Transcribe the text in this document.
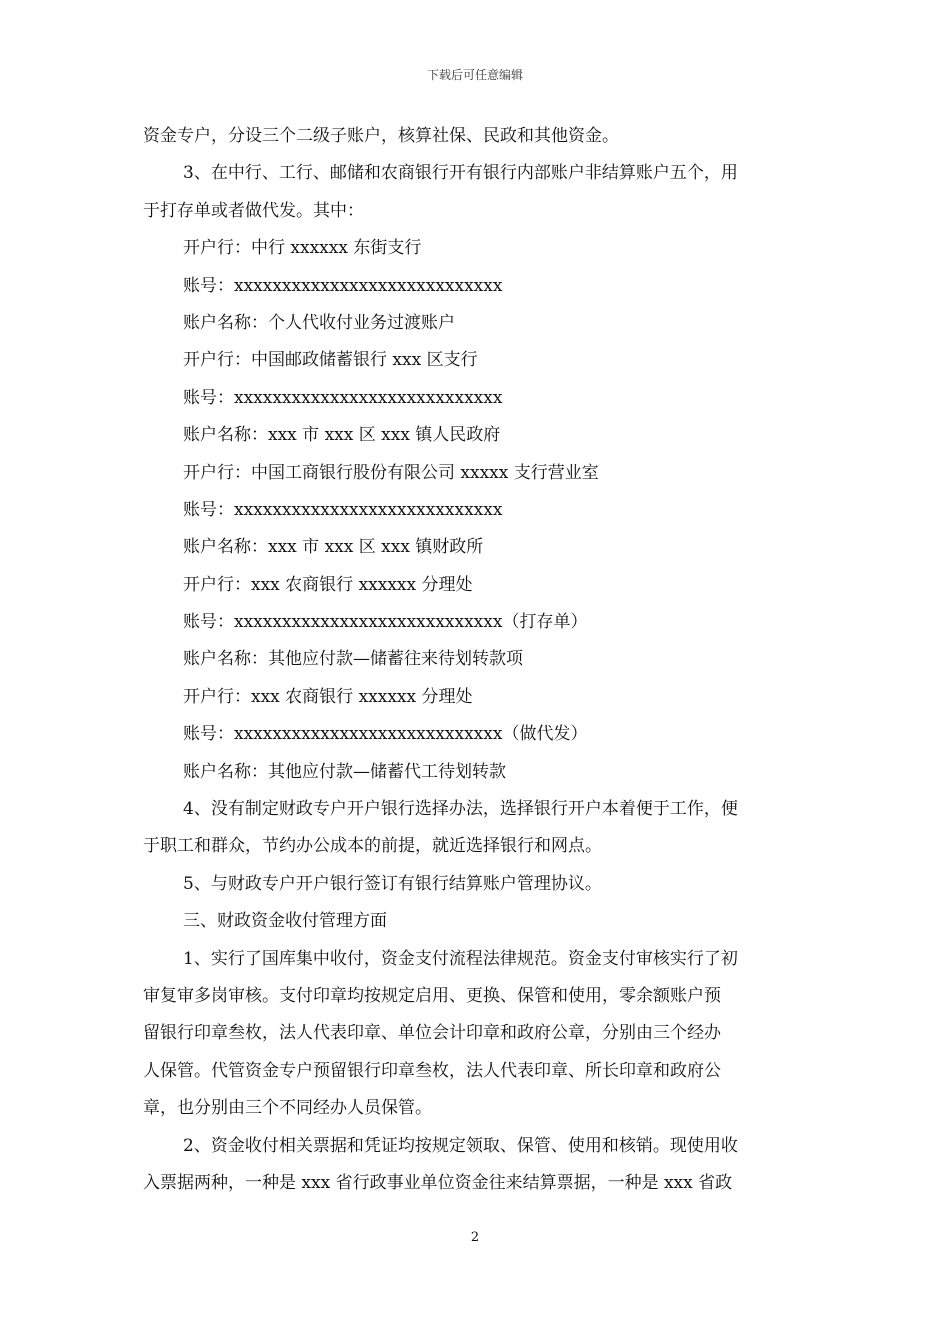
下载后可任意编辑
资金专户，分设三个二级子账户，核算社保、民政和其他资金。
3、在中行、工行、邮储和农商银行开有银行内部账户非结算账户五个，用
于打存单或者做代发。其中：
开户行：中行 xxxxxx 东街支行
账号：xxxxxxxxxxxxxxxxxxxxxxxxxxxx
账户名称：个人代收付业务过渡账户
开户行：中国邮政储蓄银行 xxx 区支行
账号：xxxxxxxxxxxxxxxxxxxxxxxxxxxx
账户名称：xxx 市 xxx 区 xxx 镇人民政府
开户行：中国工商银行股份有限公司 xxxxx 支行营业室
账号：xxxxxxxxxxxxxxxxxxxxxxxxxxxx
账户名称：xxx 市 xxx 区 xxx 镇财政所
开户行：xxx 农商银行 xxxxxx 分理处
账号：xxxxxxxxxxxxxxxxxxxxxxxxxxxx（打存单）
账户名称：其他应付款—储蓄往来待划转款项
开户行：xxx 农商银行 xxxxxx 分理处
账号：xxxxxxxxxxxxxxxxxxxxxxxxxxxx（做代发）
账户名称：其他应付款—储蓄代工待划转款
4、没有制定财政专户开户银行选择办法，选择银行开户本着便于工作，便
于职工和群众，节约办公成本的前提，就近选择银行和网点。
5、与财政专户开户银行签订有银行结算账户管理协议。
三、财政资金收付管理方面
1、实行了国库集中收付，资金支付流程法律规范。资金支付审核实行了初
审复审多岗审核。支付印章均按规定启用、更换、保管和使用，零余额账户预
留银行印章叁枚，法人代表印章、单位会计印章和政府公章，分别由三个经办
人保管。代管资金专户预留银行印章叁枚，法人代表印章、所长印章和政府公
章，也分别由三个不同经办人员保管。
2、资金收付相关票据和凭证均按规定领取、保管、使用和核销。现使用收
入票据两种，一种是 xxx 省行政事业单位资金往来结算票据，一种是 xxx 省政
2
